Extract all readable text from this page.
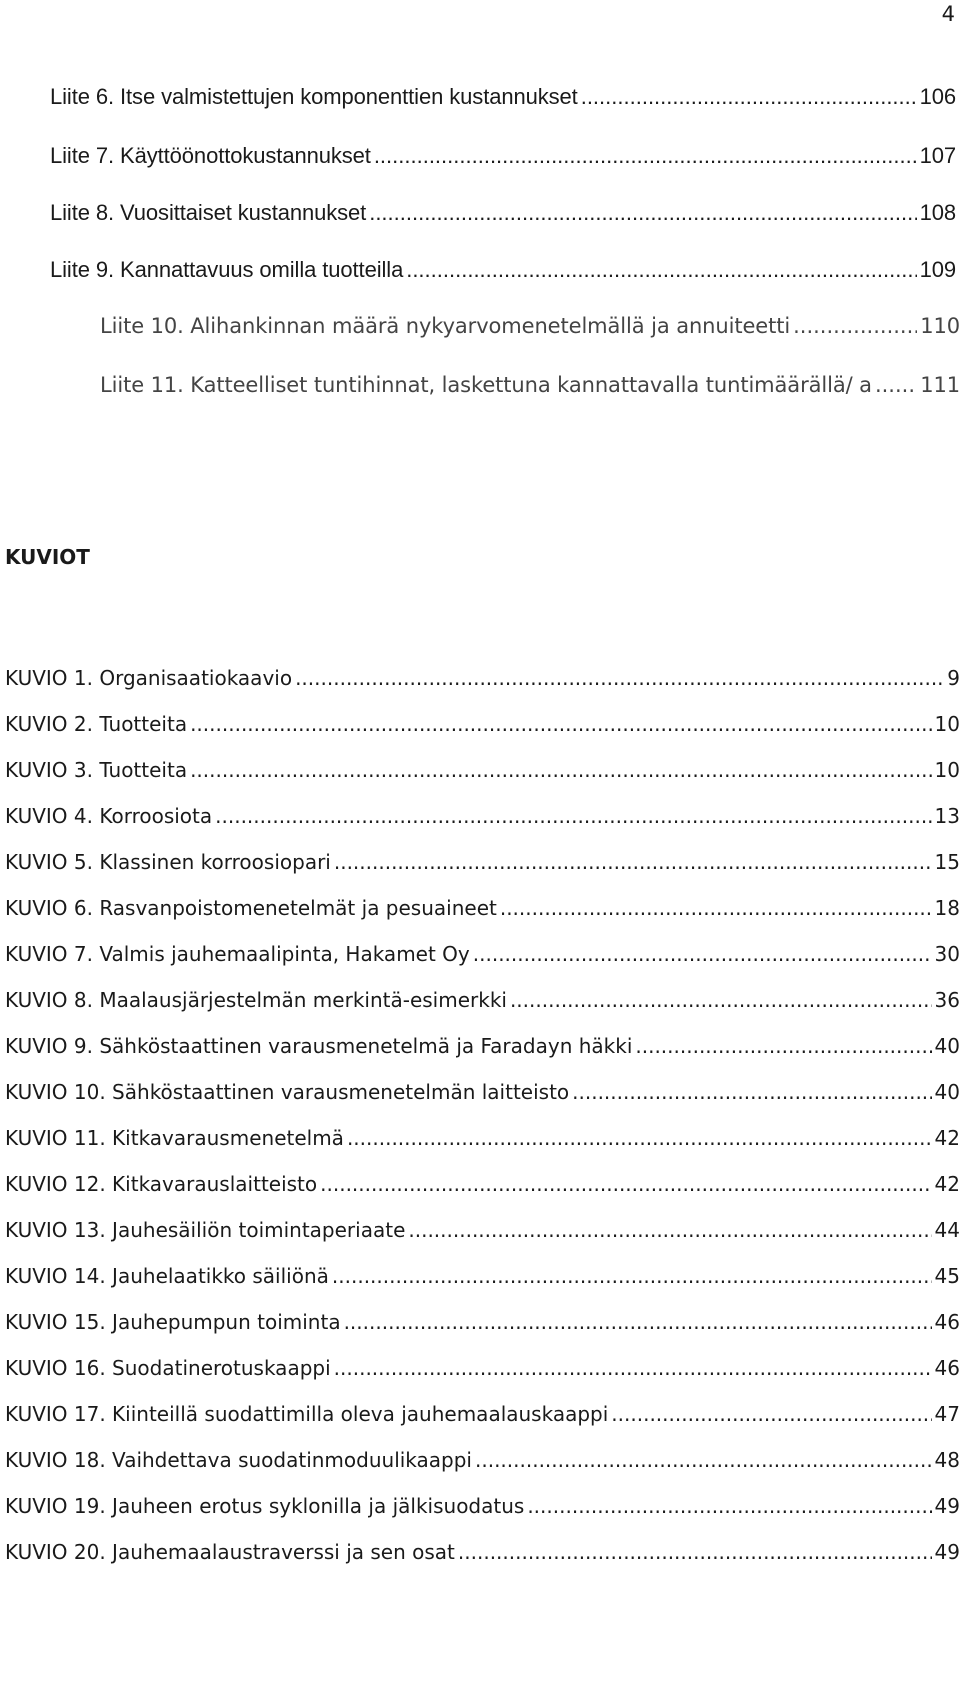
4
Liite 6. Itse valmistettujen komponenttien kustannukset .....	106
Liite 7. Käyttöönottokustannukset .....	107
Liite 8. Vuosittaiset kustannukset .....	108
Liite 9. Kannattavuus omilla tuotteilla .....	109
Liite 10. Alihankinnan määrä nykyarvomenetelmällä ja annuiteetti .....	110
Liite 11. Katteelliset tuntihinnat, laskettuna kannattavalla tuntimäärällä/ a ..... 111
KUVIOT
KUVIO 1. Organisaatiokaavio .....	9
KUVIO 2. Tuotteita .....	10
KUVIO 3. Tuotteita .....	10
KUVIO 4. Korroosiota .....	13
KUVIO 5. Klassinen korroosiopari .....	15
KUVIO 6. Rasvanpoistomenetelmät ja pesuaineet .....	18
KUVIO 7. Valmis jauhemaalipinta, Hakamet Oy .....	30
KUVIO 8. Maalausjärjestelmän merkintä-esimerkki .....	36
KUVIO 9. Sähköstaattinen varausmenetelmä ja Faradayn häkki .....	40
KUVIO 10. Sähköstaattinen varausmenetelmän laitteisto .....	40
KUVIO 11. Kitkavarausmenetelmä .....	42
KUVIO 12. Kitkavarauslaitteisto .....	42
KUVIO 13. Jauhesäiliön toimintaperiaate .....	44
KUVIO 14. Jauhelaatikko säiliönä .....	45
KUVIO 15. Jauhepumpun toiminta .....	46
KUVIO 16. Suodatinerotuskaappi .....	46
KUVIO 17. Kiinteillä suodattimilla oleva jauhemaalauskaappi .....	47
KUVIO 18. Vaihdettava suodatinmoduulikaappi .....	48
KUVIO 19. Jauheen erotus syklonilla ja jälkisuodatus .....	49
KUVIO 20. Jauhemaalaustraverssi ja sen osat .....	49
